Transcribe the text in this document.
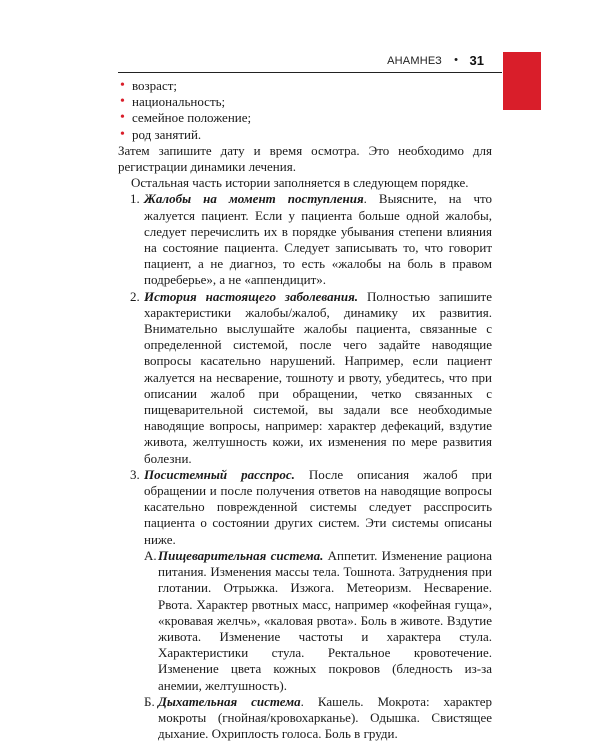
АНАМНЕЗ • 31
• возраст;
• национальность;
• семейное положение;
• род занятий.

Затем запишите дату и время осмотра. Это необходимо для регистрации динамики лечения.

Остальная часть истории заполняется в следующем порядке.

1. Жалобы на момент поступления. Выясните, на что жалуется пациент. Если у пациента больше одной жалобы, следует перечислить их в порядке убывания степени влияния на состояние пациента. Следует записывать то, что говорит пациент, а не диагноз, то есть «жалобы на боль в правом подреберье», а не «аппендицит».
2. История настоящего заболевания. Полностью запишите характеристики жалобы/жалоб, динамику их развития. Внимательно выслушайте жалобы пациента, связанные с определенной системой, после чего задайте наводящие вопросы касательно нарушений. Например, если пациент жалуется на несварение, тошноту и рвоту, убедитесь, что при описании жалоб при обращении, четко связанных с пищеварительной системой, вы задали все необходимые наводящие вопросы, например: характер дефекаций, вздутие живота, желтушность кожи, их изменения по мере развития болезни.
3. Посистемный расспрос. После описания жалоб при обращении и после получения ответов на наводящие вопросы касательно поврежденной системы следует расспросить пациента о состоянии других систем. Эти системы описаны ниже.
А. Пищеварительная система. Аппетит. Изменение рациона питания. Изменения массы тела. Тошнота. Затруднения при глотании. Отрыжка. Изжога. Метеоризм. Несварение. Рвота. Характер рвотных масс, например «кофейная гуща», «кровавая желчь», «каловая рвота». Боль в животе. Вздутие живота. Изменение частоты и характера стула. Характеристики стула. Ректальное кровотечение. Изменение цвета кожных покровов (бледность из-за анемии, желтушность).
Б. Дыхательная система. Кашель. Мокрота: характер мокроты (гнойная/кровохарканье). Одышка. Свистящее дыхание. Охриплость голоса. Боль в груди.
